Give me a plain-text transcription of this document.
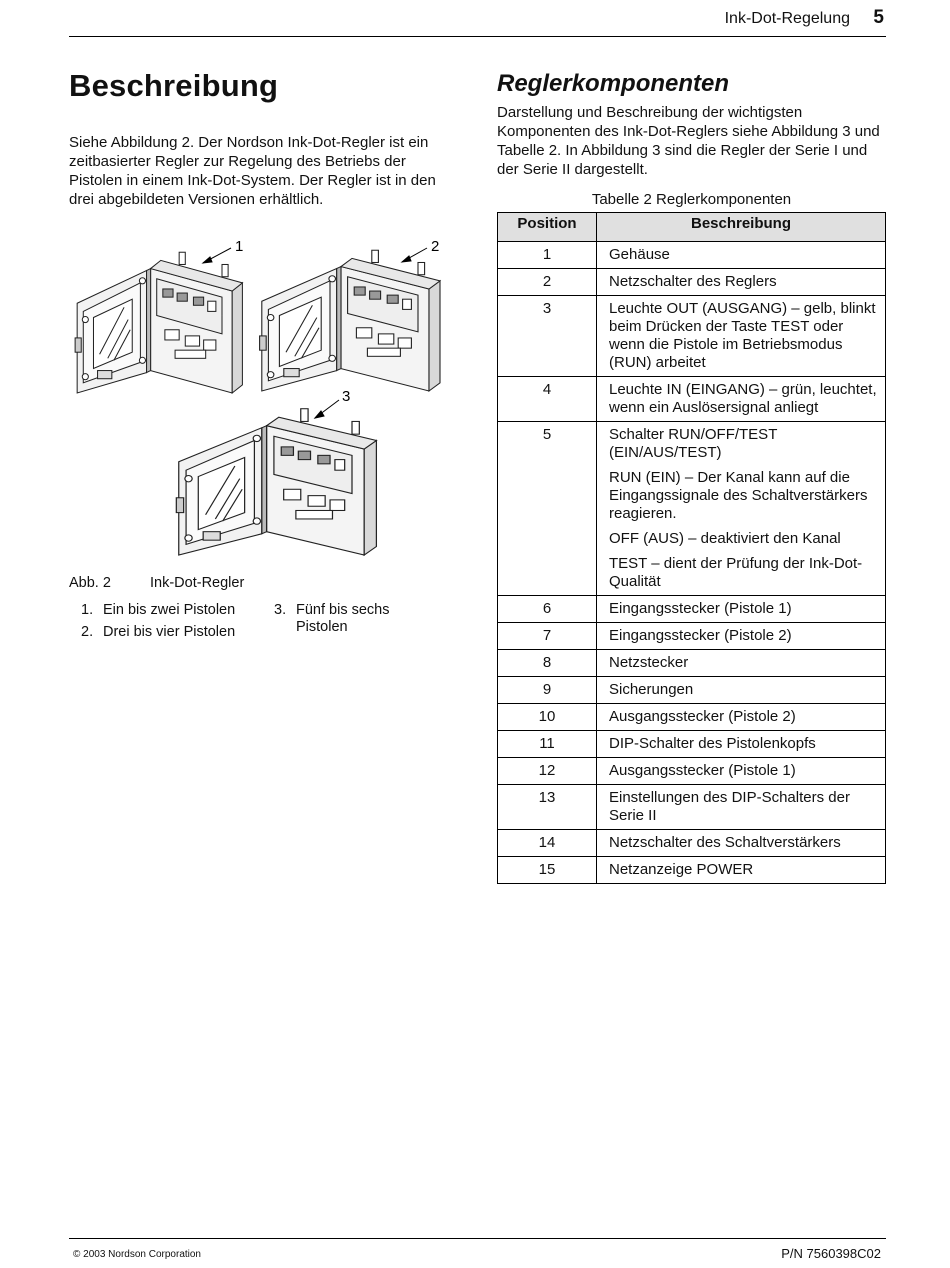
Ink-Dot-Regelung 5
Beschreibung

Siehe Abbildung 2. Der Nordson Ink-Dot-Regler ist ein zeitbasierter Regler zur Regelung des Betriebs der Pistolen in einem Ink-Dot-System. Der Regler ist in den drei abgebildeten Versionen erhältlich.

1	2
3
Abb. 2	Ink-Dot-Regler
1. Ein bis zwei Pistolen
2. Drei bis vier Pistolen
3. Fünf bis sechs Pistolen
Reglerkomponenten

Darstellung und Beschreibung der wichtigsten Komponenten des Ink-Dot-Reglers siehe Abbildung 3 und Tabelle 2. In Abbildung 3 sind die Regler der Serie I und der Serie II dargestellt.

Tabelle 2 Reglerkomponenten
Position	Beschreibung
1	Gehäuse

2	Netzschalter des Reglers

3	Leuchte OUT (AUSGANG) – gelb, blinkt beim Drücken der Taste TEST oder wenn die Pistole im Betriebsmodus (RUN) arbeitet

4	Leuchte IN (EINGANG) – grün, leuchtet, wenn ein Auslösersignal anliegt

5	Schalter RUN/OFF/TEST (EIN/AUS/TEST)

RUN (EIN) – Der Kanal kann auf die Eingangssignale des Schaltverstärkers reagieren.

OFF (AUS) – deaktiviert den Kanal

TEST – dient der Prüfung der Ink-Dot-Qualität

6	Eingangsstecker (Pistole 1)

7	Eingangsstecker (Pistole 2)

8	Netzstecker

9	Sicherungen

10	Ausgangsstecker (Pistole 2)

11	DIP-Schalter des Pistolenkopfs

12	Ausgangsstecker (Pistole 1)

13	Einstellungen des DIP-Schalters der Serie II

14	Netzschalter des Schaltverstärkers

15	Netzanzeige POWER

© 2003 Nordson Corporation	P/N 7560398C02
